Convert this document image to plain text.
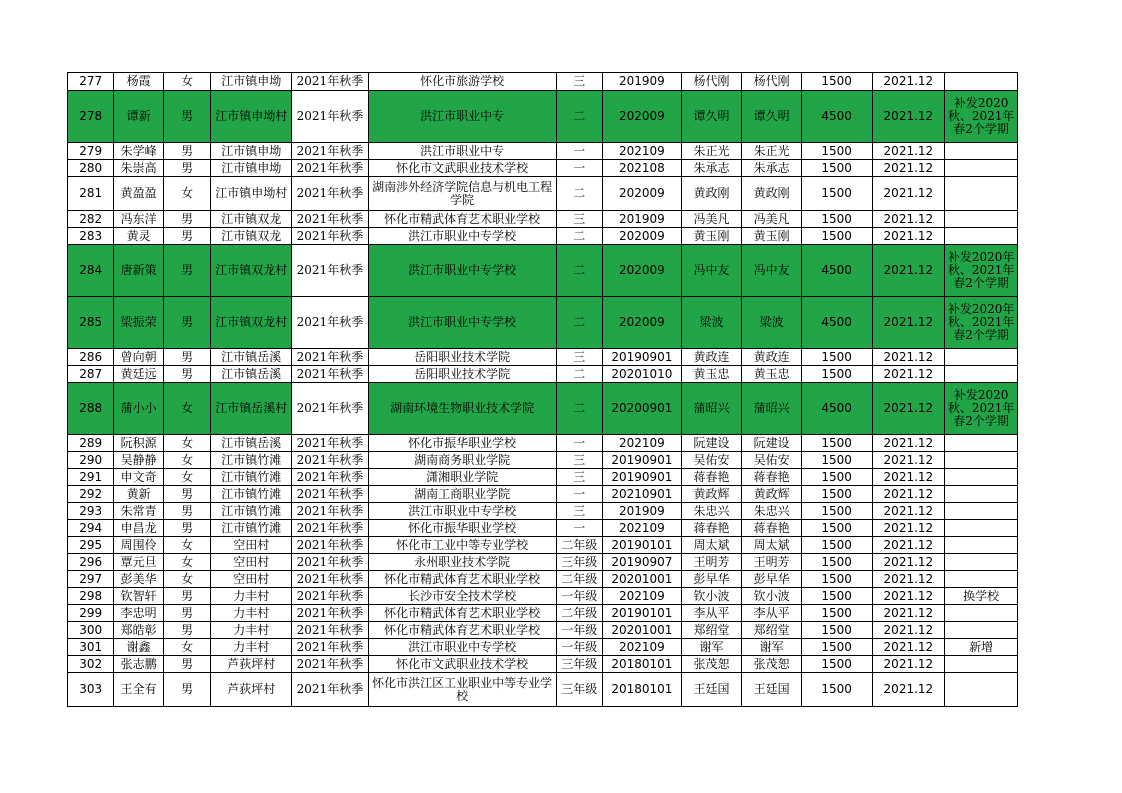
277	杨霞	女	江市镇申坳	2021年秋季	怀化市旅游学校	三	201909	杨代刚	杨代刚	1500	2021.12	
278	谭新	男	江市镇申坳村	2021年秋季	洪江市职业中专	二	202009	谭久明	谭久明	4500	2021.12	补发2020秋、2021年春2个学期
279	朱学峰	男	江市镇申坳	2021年秋季	洪江市职业中专	一	202109	朱正光	朱正光	1500	2021.12	
280	朱崇高	男	江市镇申坳	2021年秋季	怀化市文武职业技术学校	一	202108	朱承志	朱承志	1500	2021.12	
281	黄盈盈	女	江市镇申坳村	2021年秋季	湖南涉外经济学院信息与机电工程学院	二	202009	黄政刚	黄政刚	1500	2021.12	
282	冯东洋	男	江市镇双龙	2021年秋季	怀化市精武体育艺术职业学校	三	201909	冯美凡	冯美凡	1500	2021.12	
283	黄灵	男	江市镇双龙	2021年秋季	洪江市职业中专学校	二	202009	黄玉刚	黄玉刚	1500	2021.12	
284	唐新策	男	江市镇双龙村	2021年秋季	洪江市职业中专学校	二	202009	冯中友	冯中友	4500	2021.12	补发2020年秋、2021年春2个学期
285	梁振荣	男	江市镇双龙村	2021年秋季	洪江市职业中专学校	二	202009	梁波	梁波	4500	2021.12	补发2020年秋、2021年春2个学期
286	曾向朝	男	江市镇岳溪	2021年秋季	岳阳职业技术学院	三	20190901	黄政连	黄政连	1500	2021.12	
287	黄廷远	男	江市镇岳溪	2021年秋季	岳阳职业技术学院	二	20201010	黄玉忠	黄玉忠	1500	2021.12	
288	蒲小小	女	江市镇岳溪村	2021年秋季	湖南环境生物职业技术学院	二	20200901	蒲昭兴	蒲昭兴	4500	2021.12	补发2020秋、2021年春2个学期
289	阮积源	女	江市镇岳溪	2021年秋季	怀化市振华职业学校	一	202109	阮建设	阮建设	1500	2021.12	
290	吴静静	女	江市镇竹滩	2021年秋季	湖南商务职业学院	三	20190901	吴佑安	吴佑安	1500	2021.12	
291	申文奇	女	江市镇竹滩	2021年秋季	潇湘职业学院	三	20190901	蒋春艳	蒋春艳	1500	2021.12	
292	黄新	男	江市镇竹滩	2021年秋季	湖南工商职业学院	一	20210901	黄政辉	黄政辉	1500	2021.12	
293	朱常青	男	江市镇竹滩	2021年秋季	洪江市职业中专学校	三	201909	朱忠兴	朱忠兴	1500	2021.12	
294	申昌龙	男	江市镇竹滩	2021年秋季	怀化市振华职业学校	一	202109	蒋春艳	蒋春艳	1500	2021.12	
295	周围伶	女	空田村	2021年秋季	怀化市工业中等专业学校	二年级	20190101	周太斌	周太斌	1500	2021.12	
296	覃元旦	女	空田村	2021年秋季	永州职业技术学院	三年级	20190907	王明芳	王明芳	1500	2021.12	
297	彭美华	女	空田村	2021年秋季	怀化市精武体育艺术职业学校	二年级	20201001	彭早华	彭早华	1500	2021.12	
298	钦智轩	男	力丰村	2021年秋季	长沙市安全技术学校	一年级	202109	钦小波	钦小波	1500	2021.12	换学校
299	李忠明	男	力丰村	2021年秋季	怀化市精武体育艺术职业学校	二年级	20190101	李从平	李从平	1500	2021.12	
300	郑皓彰	男	力丰村	2021年秋季	怀化市精武体育艺术职业学校	一年级	20201001	郑绍堂	郑绍堂	1500	2021.12	
301	谢鑫	女	力丰村	2021年秋季	洪江市职业中专学校	一年级	202109	谢军	谢军	1500	2021.12	新增
302	张志鹏	男	芦荻坪村	2021年秋季	怀化市文武职业技术学校	三年级	20180101	张茂恕	张茂恕	1500	2021.12	
303	王全有	男	芦荻坪村	2021年秋季	怀化市洪江区工业职业中等专业学校	三年级	20180101	王廷国	王廷国	1500	2021.12	
